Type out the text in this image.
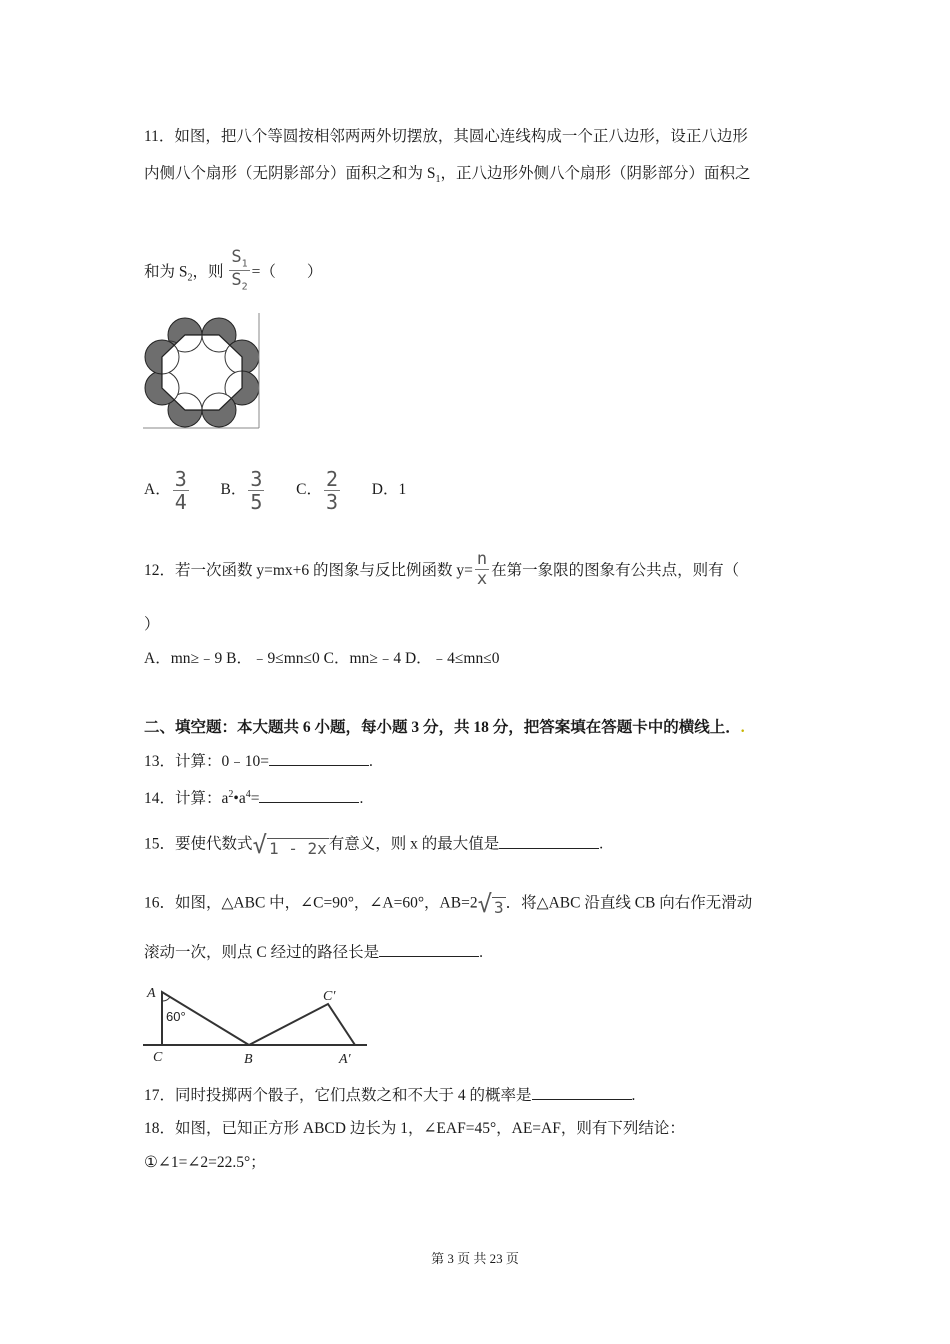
11．如图，把八个等圆按相邻两两外切摆放，其圆心连线构成一个正八边形，设正八边形
内侧八个扇形（无阴影部分）面积之和为 $S_1$，正八边形外侧八个扇形（阴影部分）面积之
和为 $S_2$，则 $\frac{S_1}{S_2}$ =（　　）
A． $\frac{3}{4}$ B． $\frac{3}{5}$ C． $\frac{2}{3}$ D．1
12．若一次函数 y=mx+6 的图象与反比例函数 $y= \frac{n}{x}$ 在第一象限的图象有公共点，则有（
）
A．mn≥﹣9 B．﹣9≤mn≤0 C．mn≥﹣4 D．﹣4≤mn≤0
二、填空题：本大题共 6 小题，每小题 3 分，共 18 分，把答案填在答题卡中的横线上．.
13．计算：0﹣10=	.
14．计算：$a^2•a^4=$	.
15．要使代数式 √ 1 - 2x 有意义，则 x 的最大值是	.
16．如图，△ABC 中，∠C=90°，∠A=60°，AB=2 √ 3 ．将△ABC 沿直线 CB 向右作无滑动
滚动一次，则点 C 经过的路径长是	.
A
60°
C	B
C′
A′
17．同时投掷两个骰子，它们点数之和不大于 4 的概率是	.
18．如图，已知正方形 ABCD 边长为 1，∠EAF=45°，AE=AF，则有下列结论：
①∠1=∠2=22.5°；
第 3 页 共 23 页
